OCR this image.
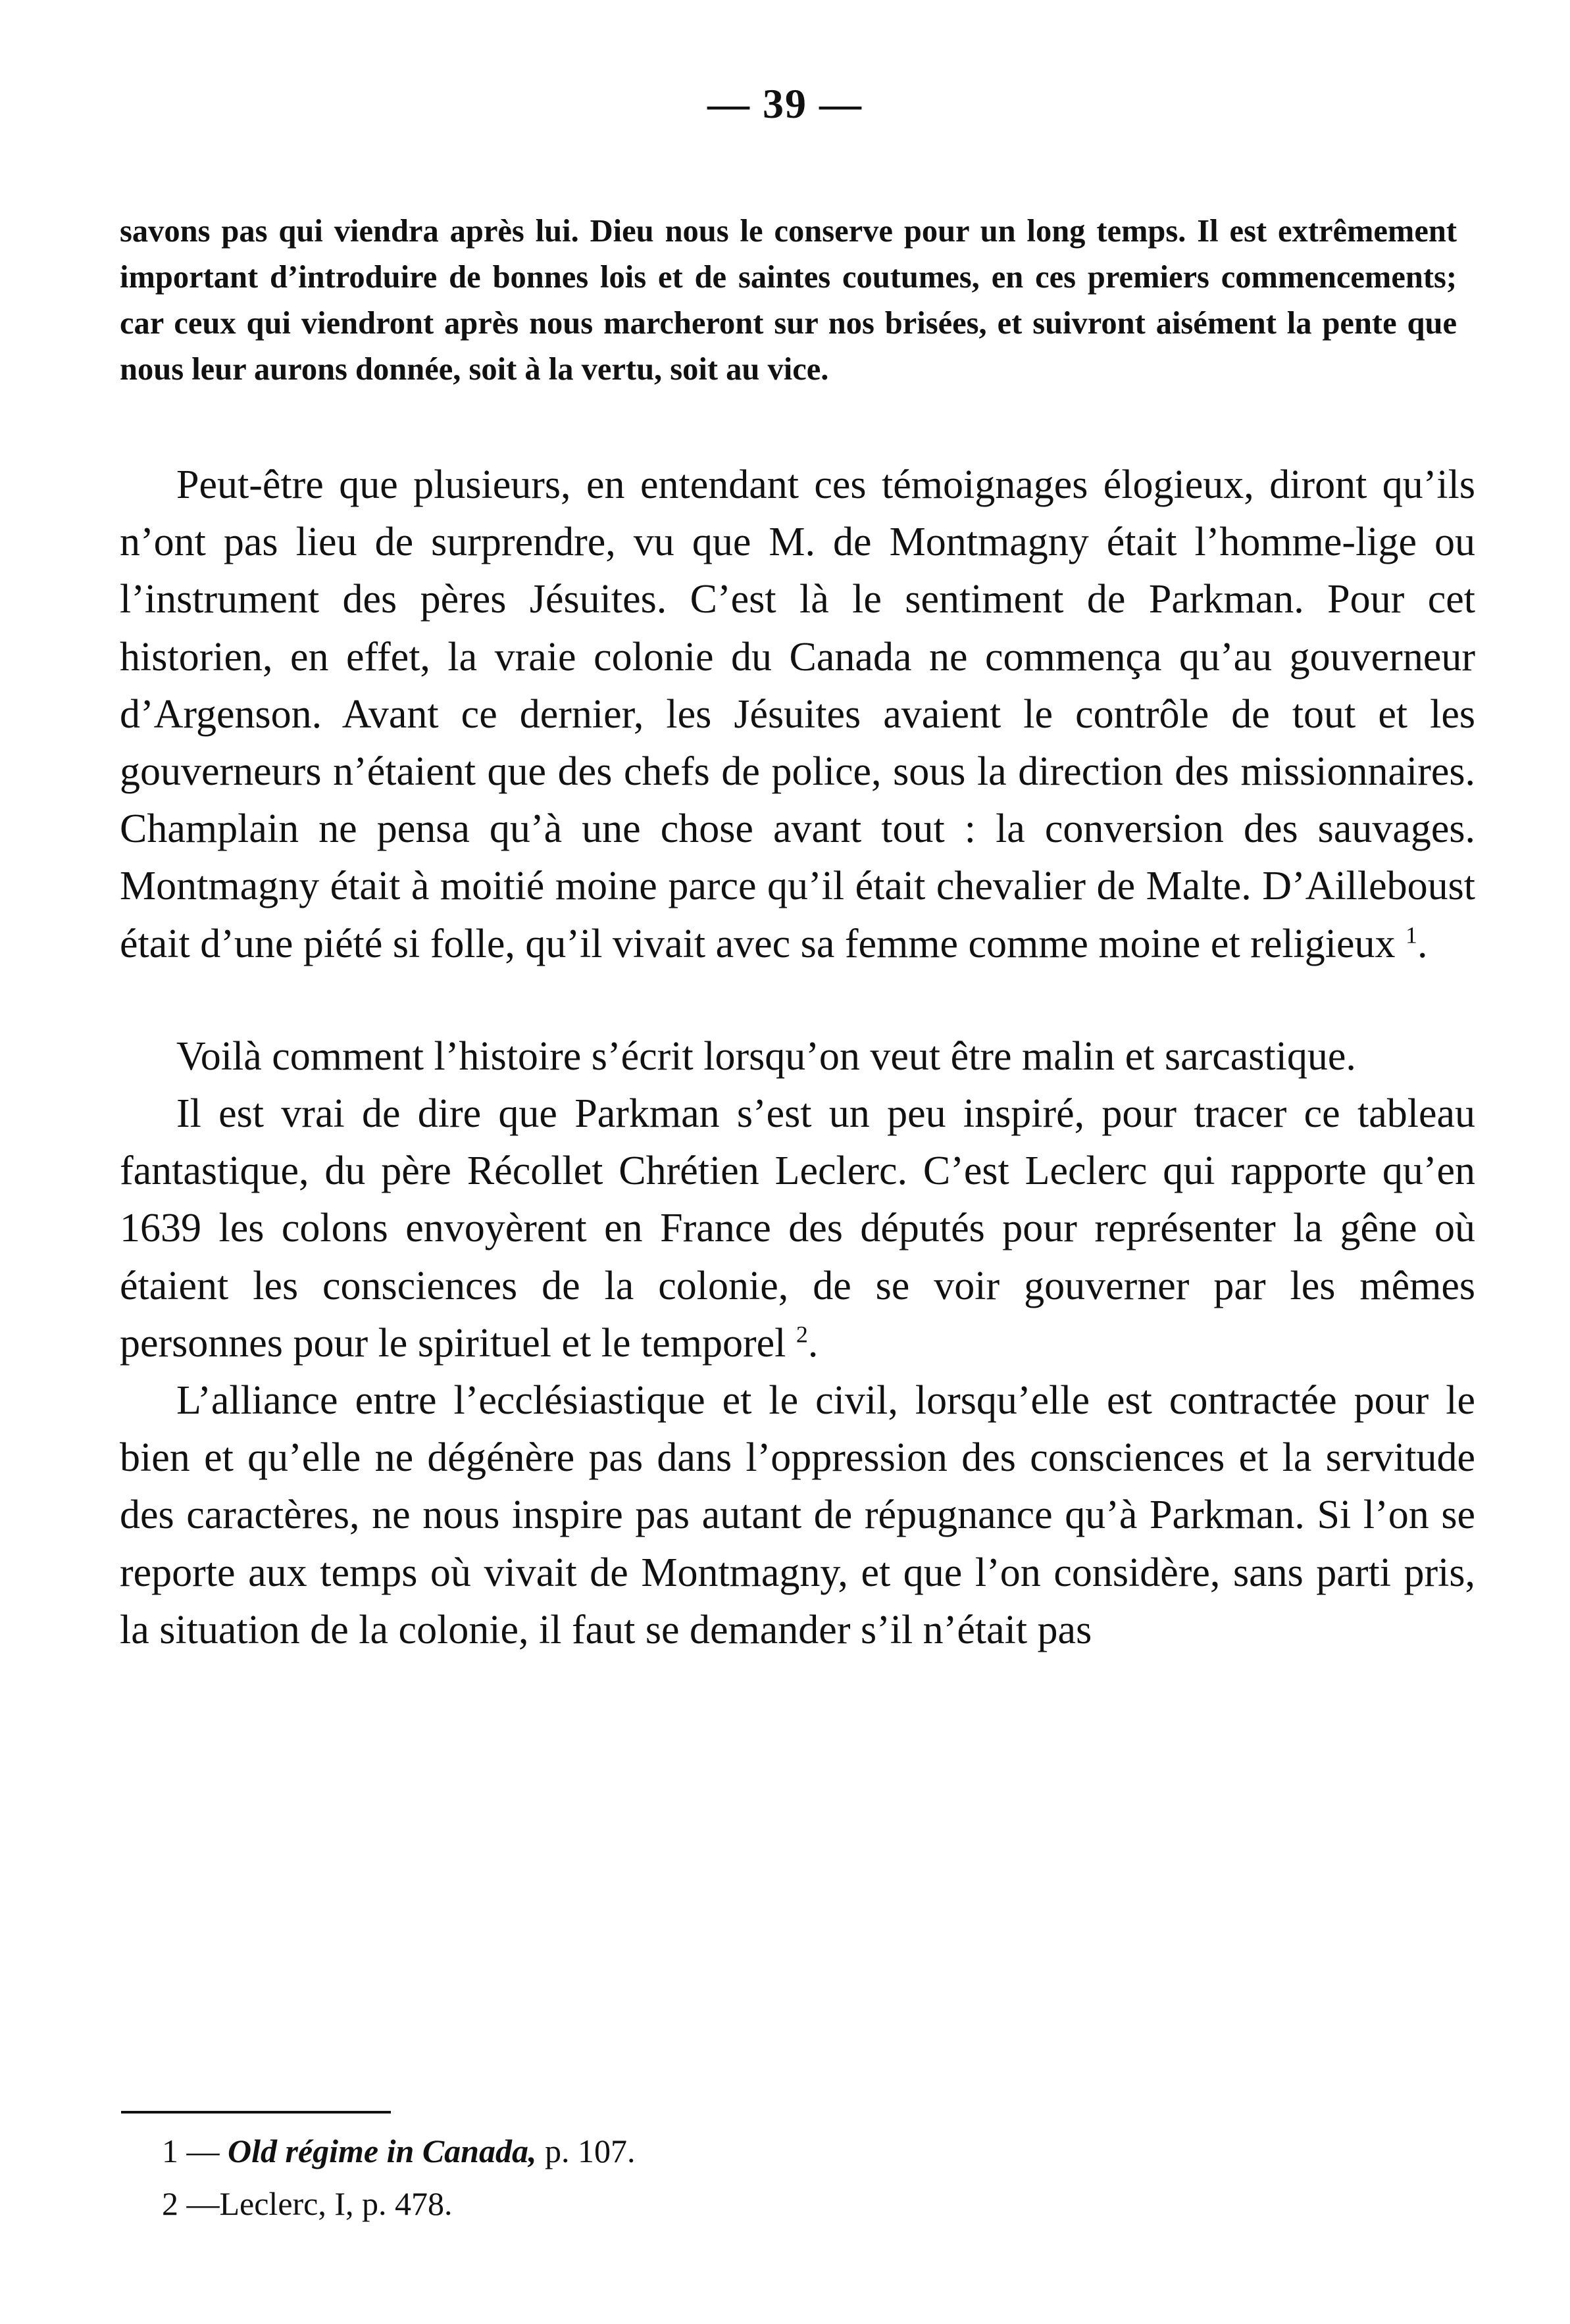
— 39 —

savons pas qui viendra après lui. Dieu nous le conserve pour un long temps. Il est extrêmement important d’introduire de bonnes lois et de saintes coutumes, en ces premiers commencements; car ceux qui viendront après nous marcheront sur nos brisées, et suivront aisément la pente que nous leur aurons donnée, soit à la vertu, soit au vice.

Peut-être que plusieurs, en entendant ces témoignages élogieux, diront qu’ils n’ont pas lieu de surprendre, vu que M. de Montmagny était l’homme-lige ou l’instrument des pères Jésuites. C’est là le sentiment de Parkman. Pour cet historien, en effet, la vraie colonie du Canada ne commença qu’au gouverneur d’Argenson. Avant ce dernier, les Jésuites avaient le contrôle de tout et les gouverneurs n’étaient que des chefs de police, sous la direction des missionnaires. Champlain ne pensa qu’à une chose avant tout : la conversion des sauvages. Montmagny était à moitié moine parce qu’il était chevalier de Malte. D’Ailleboust était d’une piété si folle, qu’il vivait avec sa femme comme moine et religieux $^1$.

Voilà comment l’histoire s’écrit lorsqu’on veut être malin et sarcastique.

Il est vrai de dire que Parkman s’est un peu inspiré, pour tracer ce tableau fantastique, du père Récollet Chrétien Leclerc. C’est Leclerc qui rapporte qu’en 1639 les colons envoyèrent en France des députés pour représenter la gêne où étaient les consciences de la colonie, de se voir gouverner par les mêmes personnes pour le spirituel et le temporel $^2$.

L’alliance entre l’ecclésiastique et le civil, lorsqu’elle est contractée pour le bien et qu’elle ne dégénère pas dans l’oppression des consciences et la servitude des caractères, ne nous inspire pas autant de répugnance qu’à Parkman. Si l’on se reporte aux temps où vivait de Montmagny, et que l’on considère, sans parti pris, la situation de la colonie, il faut se demander s’il n’était pas

1 — Old régime in Canada, p. 107.

2 —Leclerc, I, p. 478.
